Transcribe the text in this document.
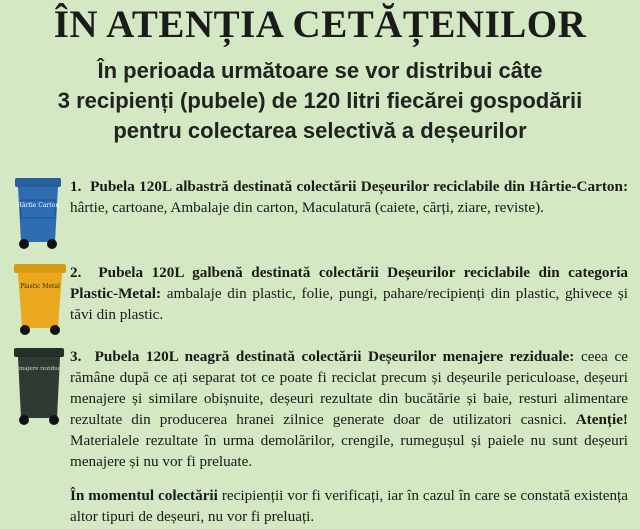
ÎN ATENȚIA CETĂȚENILOR
În perioada următoare se vor distribui câte
3 recipienți (pubele) de 120 litri fiecărei gospodării
pentru colectarea selectivă a deșeurilor
Hârtie Carton
1. Pubela 120L albastră destinată colectării Deșeurilor reciclabile din Hârtie-Carton: hârtie, cartoane, Ambalaje din carton, Maculatură (caiete, cărți, ziare, reviste).
Plastic Metal
2. Pubela 120L galbenă destinată colectării Deșeurilor reciclabile din categoria Plastic-Metal: ambalaje din plastic, folie, pungi, pahare/recipienți din plastic, ghivece și tăvi din plastic.
Menajere reziduale
3. Pubela 120L neagră destinată colectării Deșeurilor menajere reziduale: ceea ce rămâne după ce ați separat tot ce poate fi reciclat precum și deșeurile periculoase, deșeuri menajere și similare obișnuite, deșeuri rezultate din bucătărie și baie, resturi alimentare rezultate din producerea hranei zilnice generate doar de utilizatori casnici. Atenție! Materialele rezultate în urma demolărilor, crengile, rumegușul și paiele nu sunt deșeuri menajere și nu vor fi preluate.
În momentul colectării recipienții vor fi verificați, iar în cazul în care se constată existența altor tipuri de deșeuri, nu vor fi preluați.
